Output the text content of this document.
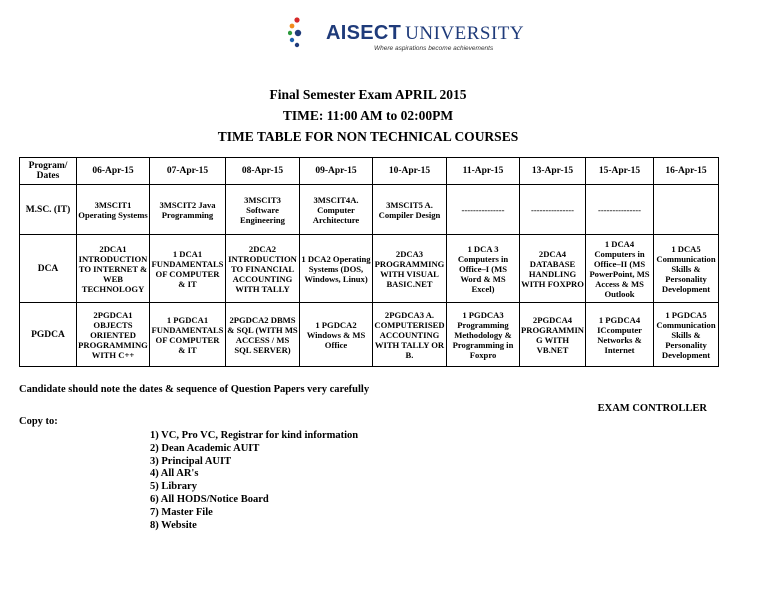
AISECT UNIVERSITY
Where aspirations become achievements
Final Semester Exam APRIL 2015
TIME: 11:00 AM to 02:00PM
TIME TABLE FOR NON TECHNICAL COURSES
Program/ Dates	06-Apr-15	07-Apr-15	08-Apr-15	09-Apr-15	10-Apr-15	11-Apr-15	13-Apr-15	15-Apr-15	16-Apr-15
M.SC. (IT)	3MSCIT1 Operating Systems	3MSCIT2 Java Programming	3MSCIT3 Software Engineering	3MSCIT4A. Computer Architecture	3MSCIT5 A. Compiler Design	---------------	---------------	---------------	
DCA	2DCA1 INTRODUCTION TO INTERNET & WEB TECHNOLOGY	1 DCA1 FUNDAMENTALS OF COMPUTER & IT	2DCA2 INTRODUCTION TO FINANCIAL ACCOUNTING WITH TALLY	1 DCA2 Operating Systems (DOS, Windows, Linux)	2DCA3 PROGRAMMING WITH VISUAL BASIC.NET	1 DCA 3 Computers in Office–I (MS Word & MS Excel)	2DCA4 DATABASE HANDLING WITH FOXPRO	1 DCA4 Computers in Office–II (MS PowerPoint, MS Access & MS Outlook	1 DCA5 Communication Skills & Personality Development
PGDCA	2PGDCA1 OBJECTS ORIENTED PROGRAMMING WITH C++	1 PGDCA1 FUNDAMENTALS OF COMPUTER & IT	2PGDCA2 DBMS & SQL (WITH MS ACCESS / MS SQL SERVER)	1 PGDCA2 Windows & MS Office	2PGDCA3 A. COMPUTERISED ACCOUNTING WITH TALLY OR B.	1 PGDCA3 Programming Methodology & Programming in Foxpro	2PGDCA4 PROGRAMMIN G WITH VB.NET	1 PGDCA4 ICcomputer Networks & Internet	1 PGDCA5 Communication Skills & Personality Development
Candidate should note the dates & sequence of Question Papers very carefully
EXAM CONTROLLER
Copy to:
1) VC, Pro VC, Registrar for kind information
2) Dean Academic AUIT
3) Principal AUIT
4) All AR's
5) Library
6) All HODS/Notice Board
7) Master File
8) Website
